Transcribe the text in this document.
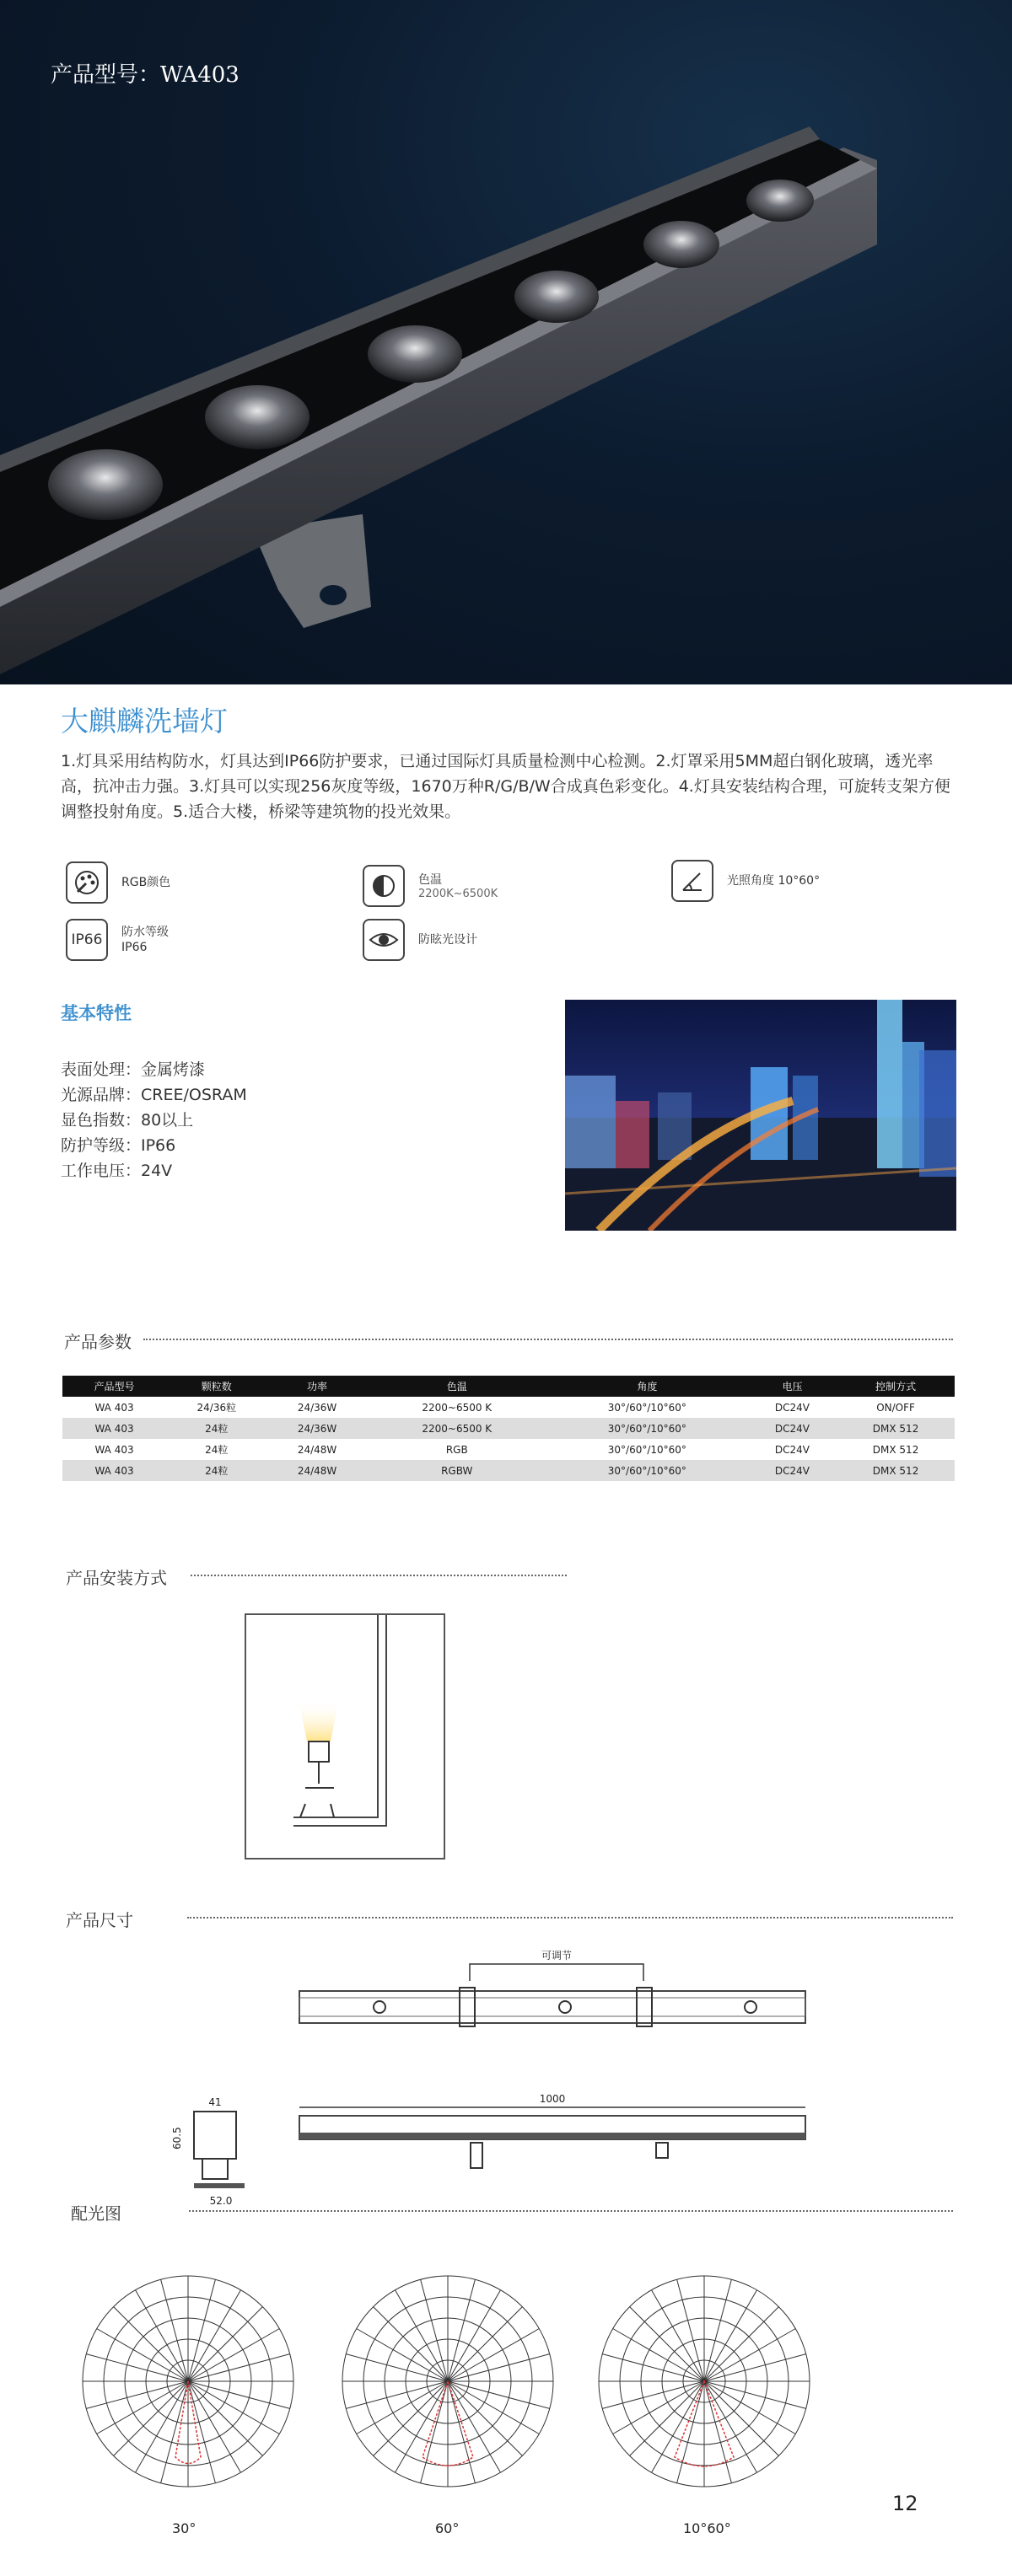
产品型号：WA403
大麒麟洗墙灯
1.灯具采用结构防水，灯具达到IP66防护要求，已通过国际灯具质量检测中心检测。2.灯罩采用5MM超白钢化玻璃，透光率高，抗冲击力强。3.灯具可以实现256灰度等级，1670万种R/G/B/W合成真色彩变化。4.灯具安装结构合理，可旋转支架方便调整投射角度。5.适合大楼，桥梁等建筑物的投光效果。
RGB颜色	色温
2200K~6500K
光照角度 10°60°
IP66	防水等级
IP66
防眩光设计
基本特性
表面处理：金属烤漆
光源品牌：CREE/OSRAM
显色指数：80以上
防护等级：IP66
工作电压：24V
产品参数
产品型号	颗粒数	功率	色温	角度	电压	控制方式
WA 403	24/36粒	24/36W	2200~6500 K	30°/60°/10°60°	DC24V	ON/OFF
WA 403	24粒	24/36W	2200~6500 K	30°/60°/10°60°	DC24V	DMX 512
WA 403	24粒	24/48W	RGB	30°/60°/10°60°	DC24V	DMX 512
WA 403	24粒	24/48W	RGBW	30°/60°/10°60°	DC24V	DMX 512
产品安装方式
产品尺寸
可调节
1000
41
60.5
52.0
配光图
30°	60°	10°60°
12
